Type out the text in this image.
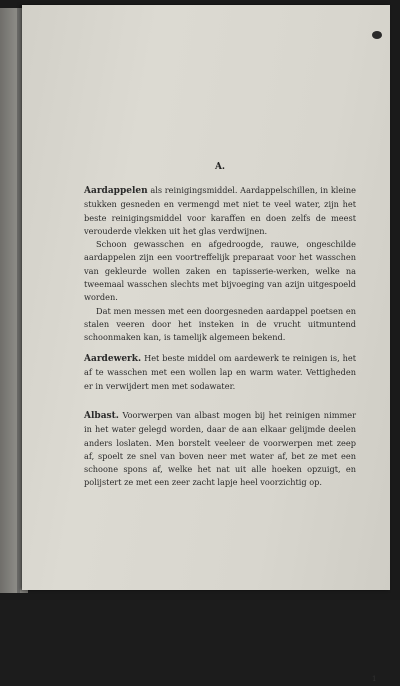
A.

Aardappelen als reinigingsmiddel. Aardappelschillen, in kleine stukken gesneden en vermengd met niet te veel water, zijn het beste reinigingsmiddel voor karaffen en doen zelfs de meest verouderde vlekken uit het glas verdwijnen.

Schoon gewasschen en afgedroogde, rauwe, ongeschilde aardappelen zijn een voortreffelijk preparaat voor het wasschen van gekleurde wollen zaken en tapisserie-werken, welke na tweemaal wasschen slechts met bijvoeging van azijn uitgespoeld worden.

Dat men messen met een doorgesneden aardappel poetsen en stalen veeren door het insteken in de vrucht uitmuntend schoonmaken kan, is tamelijk algemeen bekend.

Aardewerk. Het beste middel om aardewerk te reinigen is, het af te wasschen met een wollen lap en warm water. Vettigheden er in verwijdert men met sodawater.

Albast. Voorwerpen van albast mogen bij het reinigen nimmer in het water gelegd worden, daar de aan elkaar gelijmde deelen anders loslaten. Men borstelt veeleer de voorwerpen met zeep af, spoelt ze snel van boven neer met water af, bet ze met een schoone spons af, welke het nat uit alle hoeken opzuigt, en polijstert ze met een zeer zacht lapje heel voorzichtig op.

1
